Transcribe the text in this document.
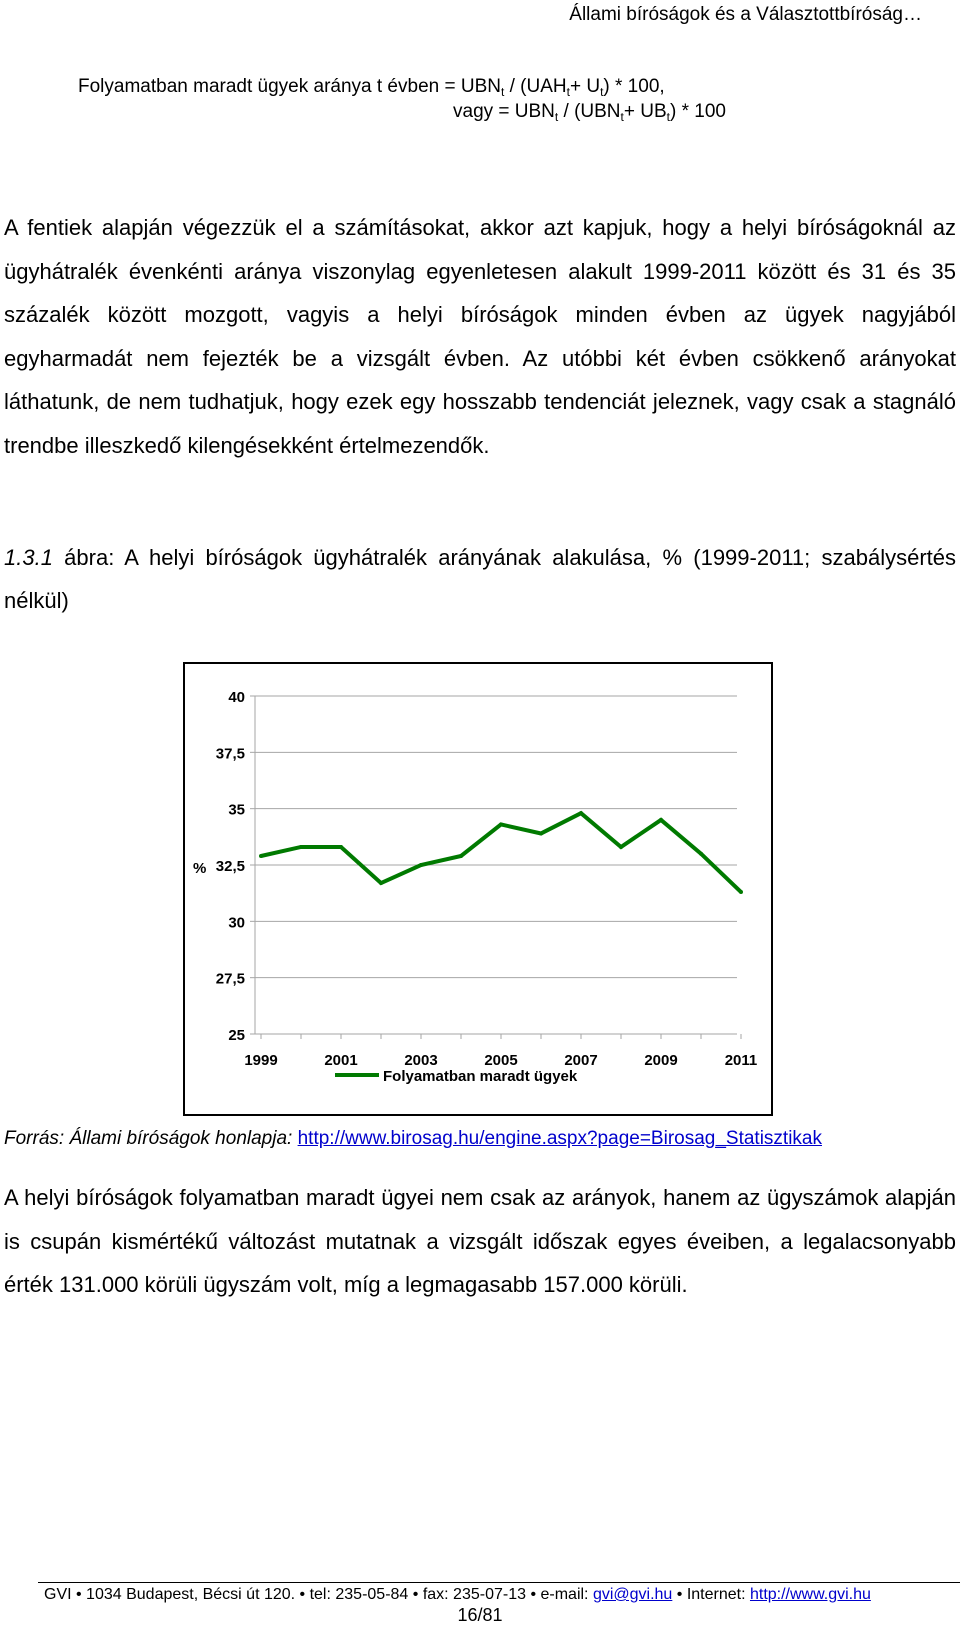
Állami bíróságok és a Választottbíróság…
Folyamatban maradt ügyek aránya t évben = $UBN_t / (UAH_t+ U_t) * 100$,
vagy = $UBN_t / (UBN_t+ UB_t) * 100$

A fentiek alapján végezzük el a számításokat, akkor azt kapjuk, hogy a helyi bíróságoknál az ügyhátralék évenkénti aránya viszonylag egyenletesen alakult 1999-2011 között és 31 és 35 százalék között mozgott, vagyis a helyi bíróságok minden évben az ügyek nagyjából egyharmadát nem fejezték be a vizsgált évben. Az utóbbi két évben csökkenő arányokat láthatunk, de nem tudhatjuk, hogy ezek egy hosszabb tendenciát jeleznek, vagy csak a stagnáló trendbe illeszkedő kilengésekként értelmezendők.

1.3.1 ábra: A helyi bíróságok ügyhátralék arányának alakulása, % (1999-2011; szabálysértés nélkül)

40
37,5
35
32,5
30
27,5
25
%
1999	2001	2003	2005	2007	2009	2011
Folyamatban maradt ügyek
Forrás: Állami bíróságok honlapja: http://www.birosag.hu/engine.aspx?page=Birosag_Statisztikak

A helyi bíróságok folyamatban maradt ügyei nem csak az arányok, hanem az ügyszámok alapján is csupán kismértékű változást mutatnak a vizsgált időszak egyes éveiben, a legalacsonyabb érték 131.000 körüli ügyszám volt, míg a legmagasabb 157.000 körüli.

GVI • 1034 Budapest, Bécsi út 120. • tel: 235-05-84 • fax: 235-07-13 • e-mail: gvi@gvi.hu • Internet: http://www.gvi.hu
16/81
